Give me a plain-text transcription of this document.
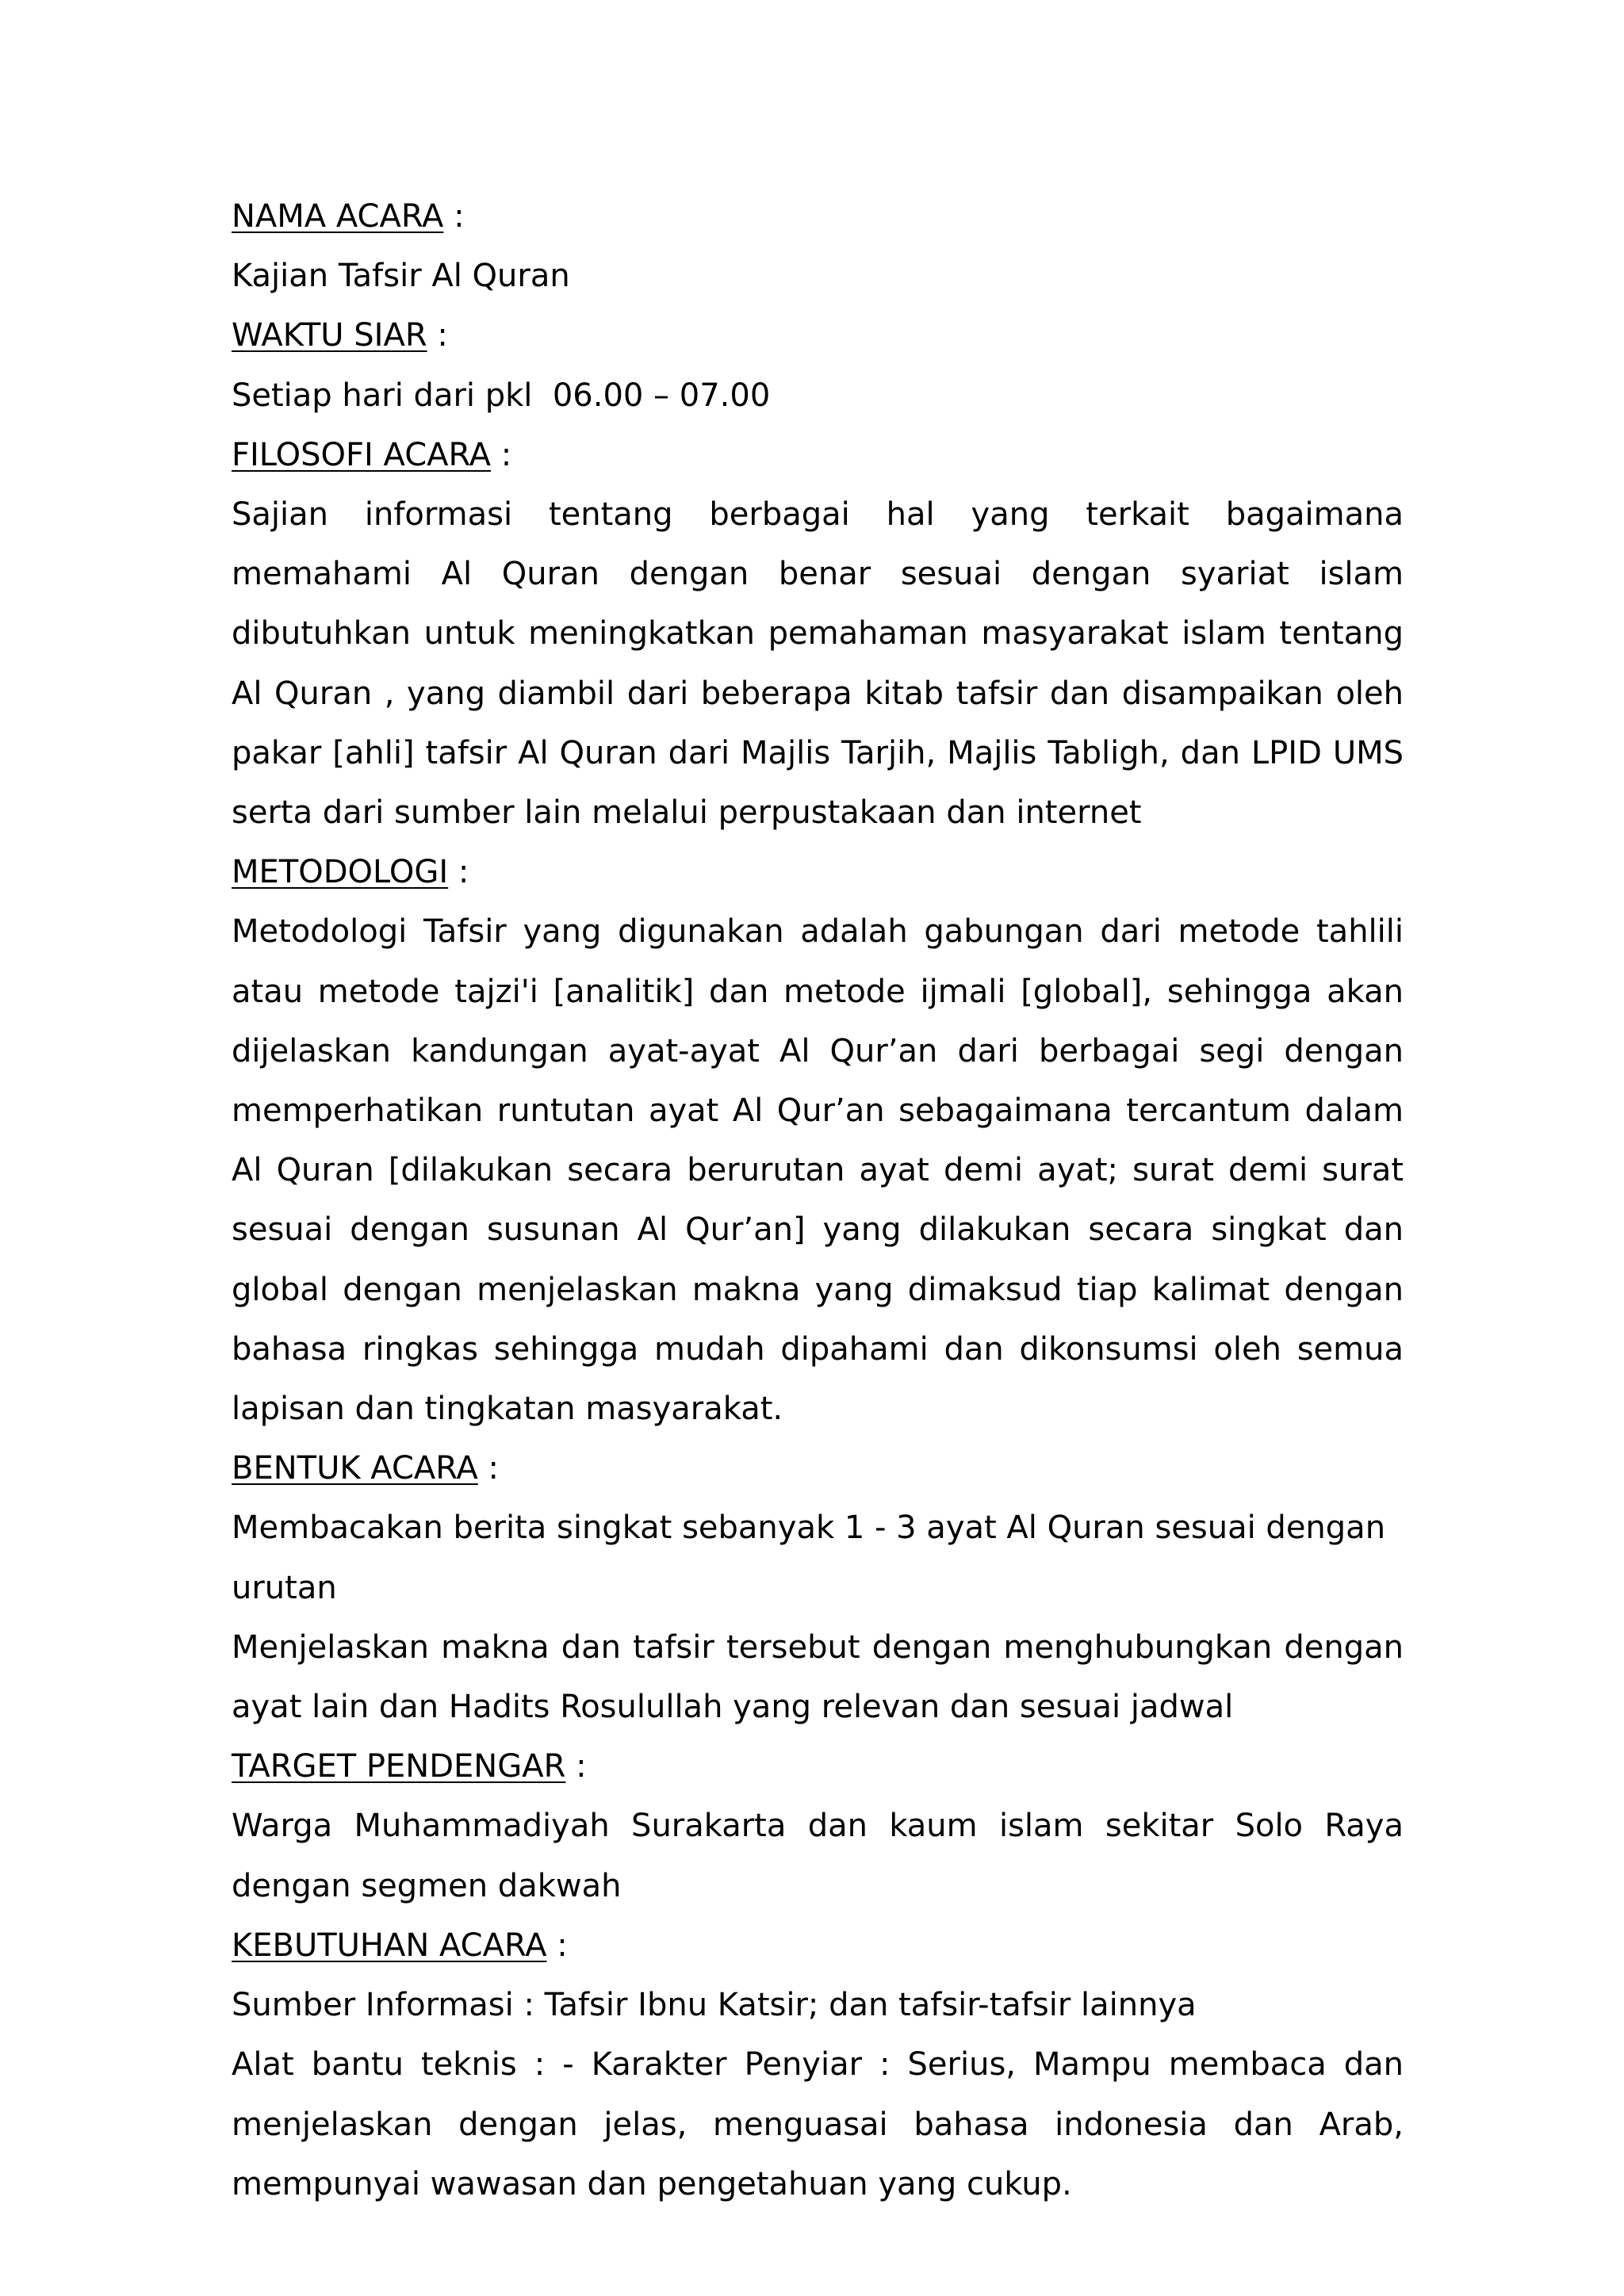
NAMA ACARA :
Kajian Tafsir Al Quran
WAKTU SIAR :
Setiap hari dari pkl  06.00 – 07.00
FILOSOFI ACARA :

Sajian informasi tentang berbagai hal yang terkait bagaimana memahami Al Quran dengan benar sesuai dengan syariat islam dibutuhkan untuk meningkatkan pemahaman masyarakat islam tentang Al Quran , yang diambil dari beberapa kitab tafsir dan disampaikan oleh pakar [ahli] tafsir Al Quran dari Majlis Tarjih, Majlis Tabligh, dan LPID UMS serta dari sumber lain melalui perpustakaan dan internet

METODOLOGI :

Metodologi Tafsir yang digunakan adalah gabungan dari metode tahlili atau metode tajzi'i [analitik] dan metode ijmali [global], sehingga akan dijelaskan kandungan ayat-ayat Al Qur’an dari berbagai segi dengan memperhatikan runtutan ayat Al Qur’an sebagaimana tercantum dalam Al Quran [dilakukan secara berurutan ayat demi ayat; surat demi surat sesuai dengan susunan Al Qur’an] yang dilakukan secara singkat dan global dengan menjelaskan makna yang dimaksud tiap kalimat dengan bahasa ringkas sehingga mudah dipahami dan dikonsumsi oleh semua lapisan dan tingkatan masyarakat.

BENTUK ACARA :
Membacakan berita singkat sebanyak 1 - 3 ayat Al Quran sesuai dengan urutan

Menjelaskan makna dan tafsir tersebut dengan menghubungkan dengan ayat lain dan Hadits Rosulullah yang relevan dan sesuai jadwal

TARGET PENDENGAR :

Warga Muhammadiyah Surakarta dan kaum islam sekitar Solo Raya dengan segmen dakwah

KEBUTUHAN ACARA :
Sumber Informasi : Tafsir Ibnu Katsir; dan tafsir-tafsir lainnya

Alat bantu teknis : - Karakter Penyiar : Serius, Mampu membaca dan menjelaskan dengan jelas, menguasai bahasa indonesia dan Arab, mempunyai wawasan dan pengetahuan yang cukup.
